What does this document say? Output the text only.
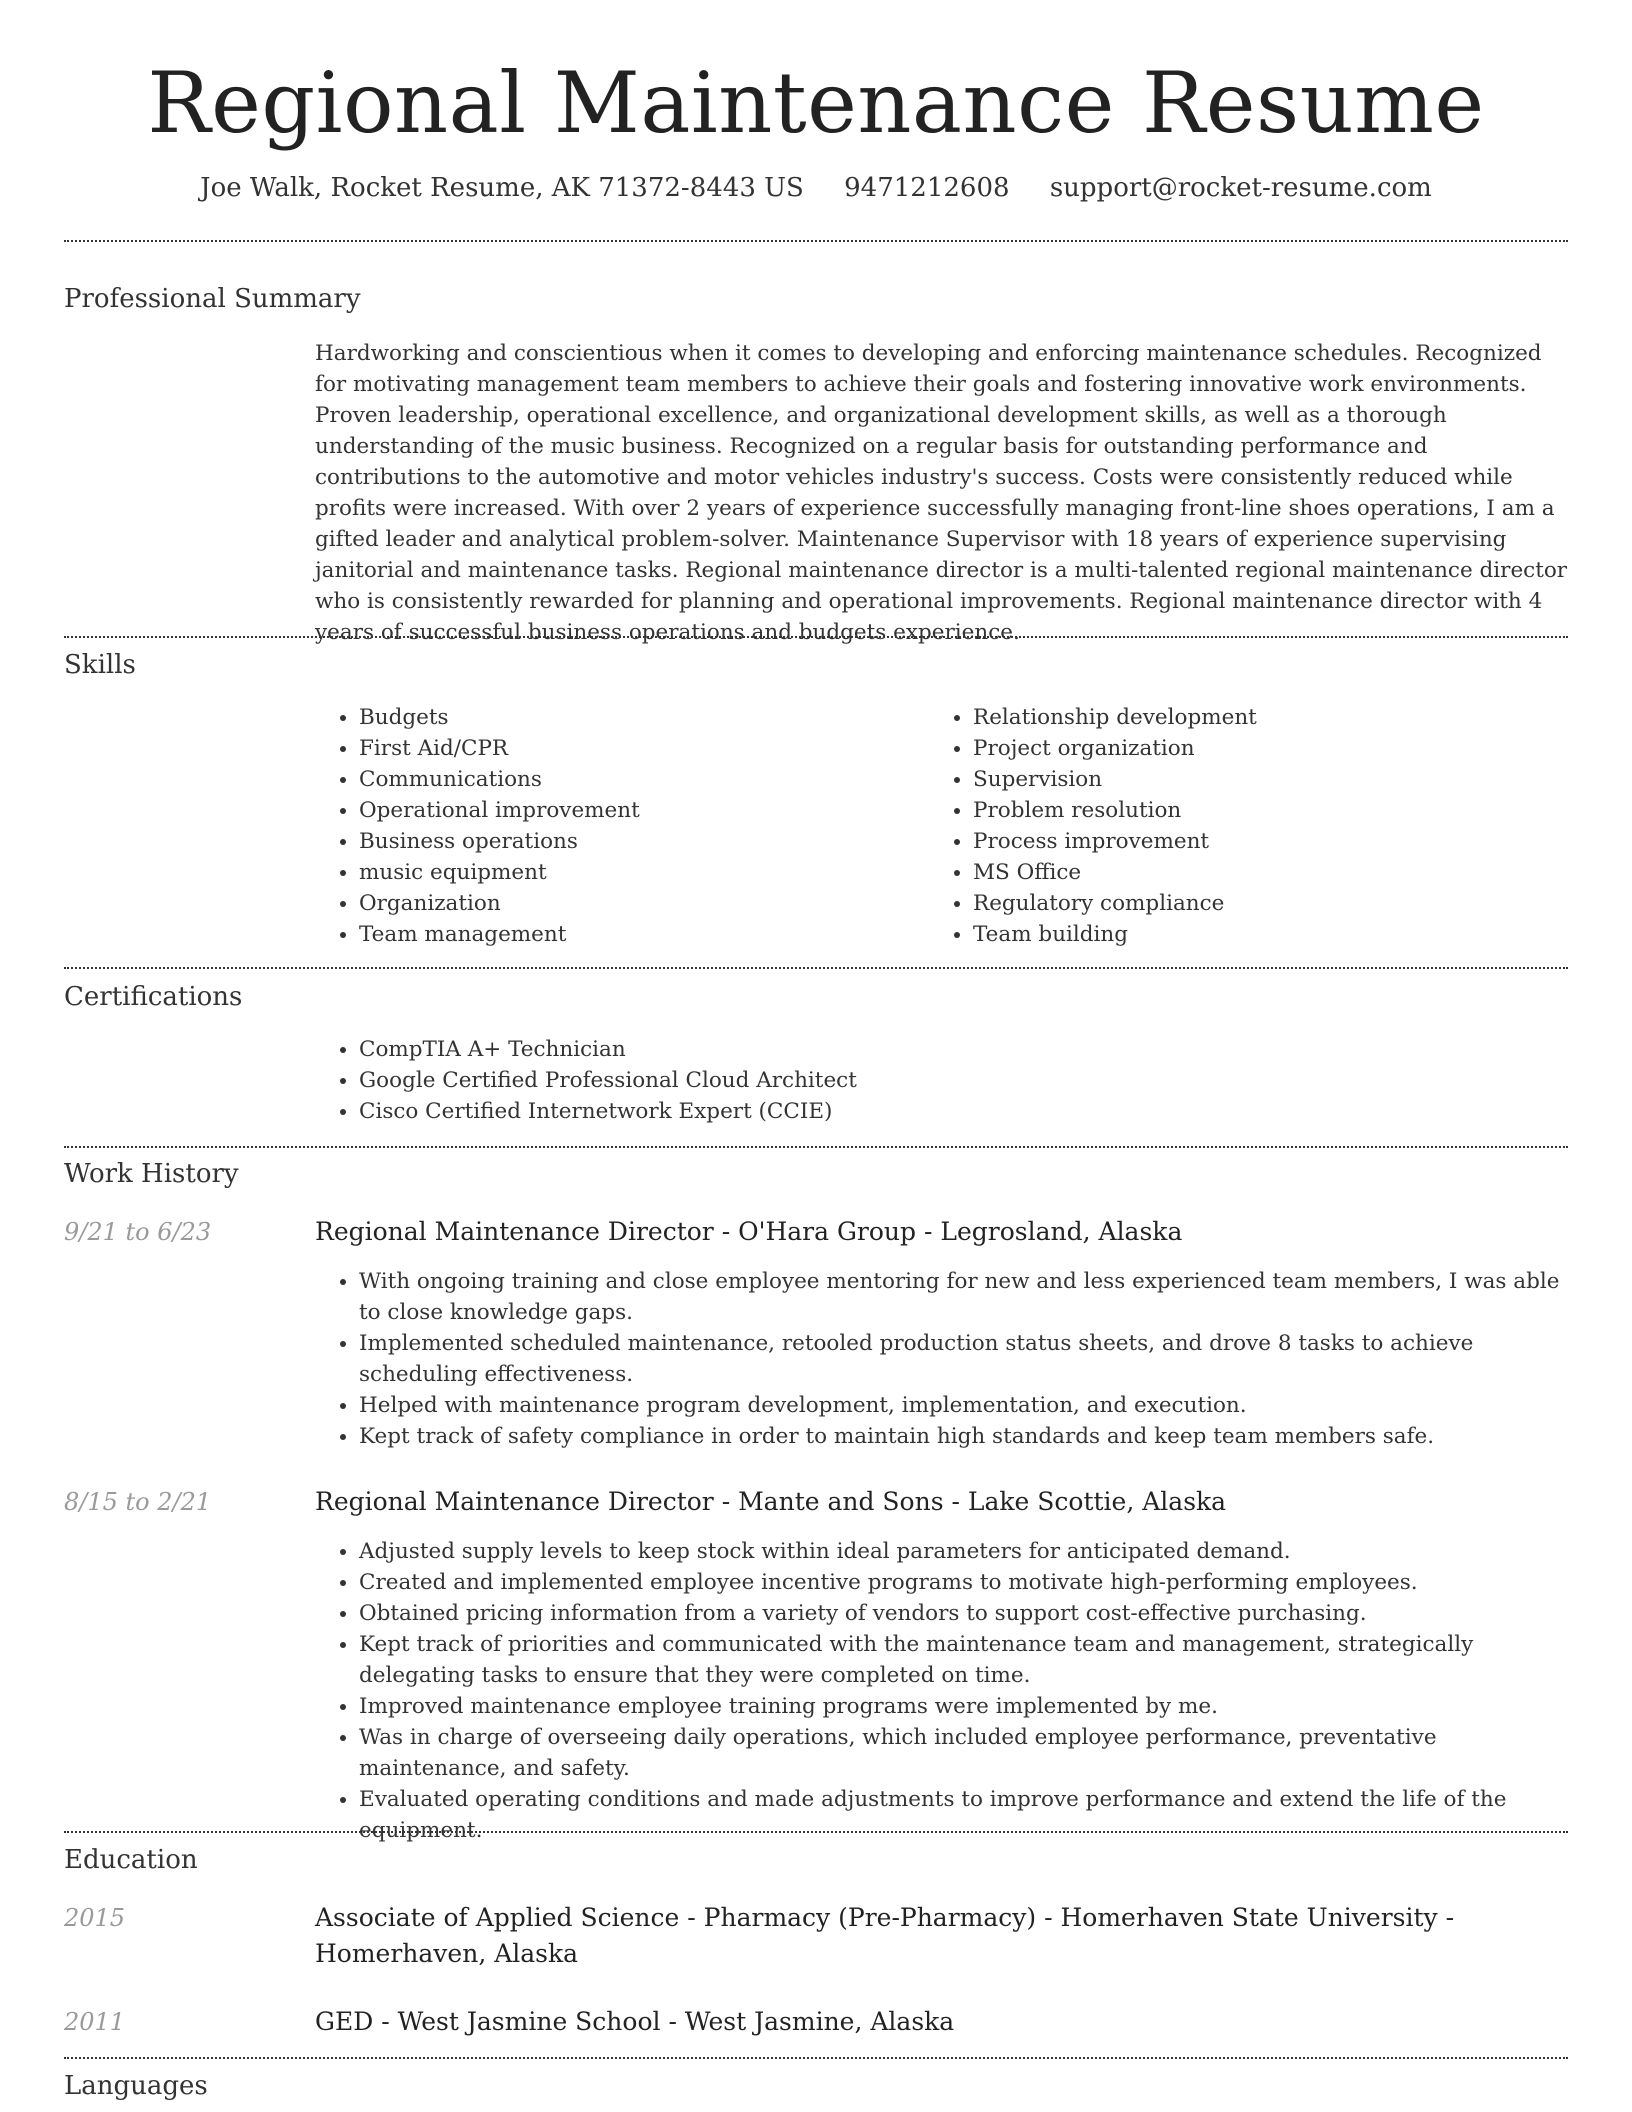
Regional Maintenance Resume
Joe Walk, Rocket Resume, AK 71372-8443 US 9471212608 support@rocket-resume.com
Professional Summary

Hardworking and conscientious when it comes to developing and enforcing maintenance schedules. Recognized for motivating management team members to achieve their goals and fostering innovative work environments. Proven leadership, operational excellence, and organizational development skills, as well as a thorough understanding of the music business. Recognized on a regular basis for outstanding performance and contributions to the automotive and motor vehicles industry's success. Costs were consistently reduced while profits were increased. With over 2 years of experience successfully managing front-line shoes operations, I am a gifted leader and analytical problem-solver. Maintenance Supervisor with 18 years of experience supervising janitorial and maintenance tasks. Regional maintenance director is a multi-talented regional maintenance director who is consistently rewarded for planning and operational improvements. Regional maintenance director with 4 years of successful business operations and budgets experience.

Skills
• Budgets
• First Aid/CPR
• Communications
• Operational improvement
• Business operations
• music equipment
• Organization
• Team management
• Relationship development
• Project organization
• Supervision
• Problem resolution
• Process improvement
• MS Office
• Regulatory compliance
• Team building
Certifications
• CompTIA A+ Technician
• Google Certified Professional Cloud Architect
• Cisco Certified Internetwork Expert (CCIE)
Work History
9/21 to 6/23	Regional Maintenance Director - O'Hara Group - Legrosland, Alaska
• With ongoing training and close employee mentoring for new and less experienced team members, I was able to close knowledge gaps.
• Implemented scheduled maintenance, retooled production status sheets, and drove 8 tasks to achieve scheduling effectiveness.
• Helped with maintenance program development, implementation, and execution.
• Kept track of safety compliance in order to maintain high standards and keep team members safe.
8/15 to 2/21	Regional Maintenance Director - Mante and Sons - Lake Scottie, Alaska
• Adjusted supply levels to keep stock within ideal parameters for anticipated demand.
• Created and implemented employee incentive programs to motivate high-performing employees.
• Obtained pricing information from a variety of vendors to support cost-effective purchasing.
• Kept track of priorities and communicated with the maintenance team and management, strategically delegating tasks to ensure that they were completed on time.
• Improved maintenance employee training programs were implemented by me.
• Was in charge of overseeing daily operations, which included employee performance, preventative maintenance, and safety.
• Evaluated operating conditions and made adjustments to improve performance and extend the life of the equipment.
Education
2015	Associate of Applied Science - Pharmacy (Pre-Pharmacy) - Homerhaven State University - Homerhaven, Alaska
2011	GED - West Jasmine School - West Jasmine, Alaska
Languages
